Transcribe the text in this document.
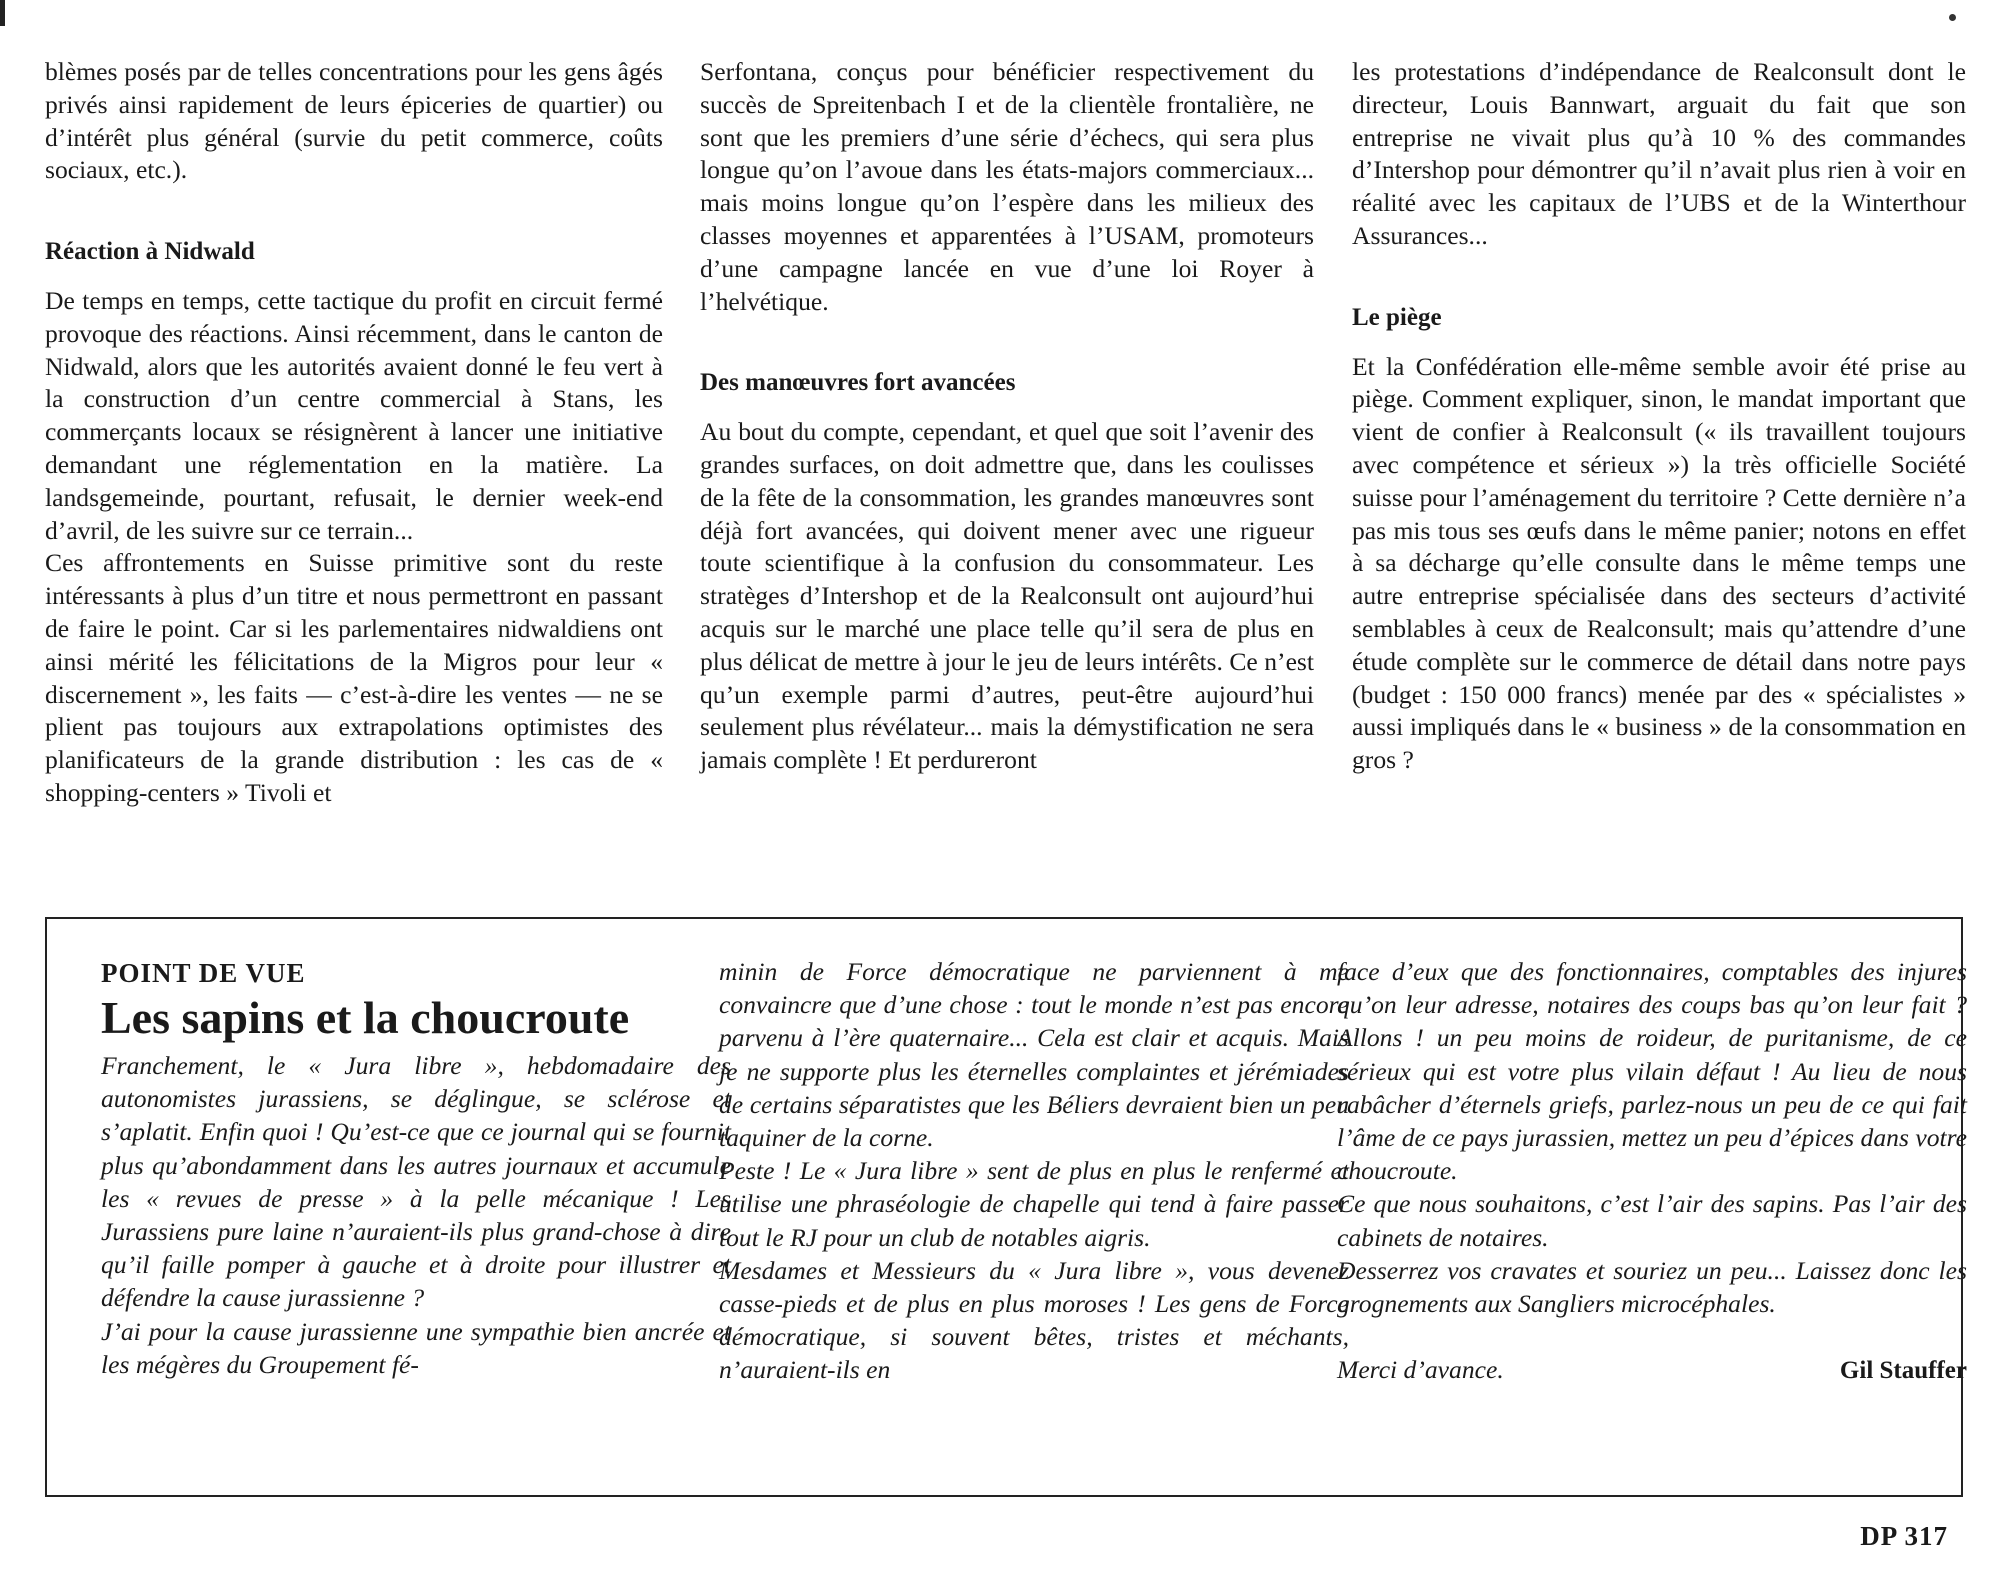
blèmes posés par de telles concentrations pour les gens âgés privés ainsi rapidement de leurs épiceries de quartier) ou d’intérêt plus général (survie du petit commerce, coûts sociaux, etc.).

Réaction à Nidwald

De temps en temps, cette tactique du profit en circuit fermé provoque des réactions. Ainsi récemment, dans le canton de Nidwald, alors que les autorités avaient donné le feu vert à la construction d’un centre commercial à Stans, les commerçants locaux se résignèrent à lancer une initiative demandant une réglementation en la matière. La landsgemeinde, pourtant, refusait, le dernier week-end d’avril, de les suivre sur ce terrain...

Ces affrontements en Suisse primitive sont du reste intéressants à plus d’un titre et nous permettront en passant de faire le point. Car si les parlementaires nidwaldiens ont ainsi mérité les félicitations de la Migros pour leur « discernement », les faits — c’est-à-dire les ventes — ne se plient pas toujours aux extrapolations optimistes des planificateurs de la grande distribution : les cas de « shopping-centers » Tivoli et

Serfontana, conçus pour bénéficier respectivement du succès de Spreitenbach I et de la clientèle frontalière, ne sont que les premiers d’une série d’échecs, qui sera plus longue qu’on l’avoue dans les états-majors commerciaux... mais moins longue qu’on l’espère dans les milieux des classes moyennes et apparentées à l’USAM, promoteurs d’une campagne lancée en vue d’une loi Royer à l’helvétique.

Des manœuvres fort avancées

Au bout du compte, cependant, et quel que soit l’avenir des grandes surfaces, on doit admettre que, dans les coulisses de la fête de la consommation, les grandes manœuvres sont déjà fort avancées, qui doivent mener avec une rigueur toute scientifique à la confusion du consommateur. Les stratèges d’Intershop et de la Realconsult ont aujourd’hui acquis sur le marché une place telle qu’il sera de plus en plus délicat de mettre à jour le jeu de leurs intérêts. Ce n’est qu’un exemple parmi d’autres, peut-être aujourd’hui seulement plus révélateur... mais la démystification ne sera jamais complète ! Et perdureront

les protestations d’indépendance de Realconsult dont le directeur, Louis Bannwart, arguait du fait que son entreprise ne vivait plus qu’à 10 % des commandes d’Intershop pour démontrer qu’il n’avait plus rien à voir en réalité avec les capitaux de l’UBS et de la Winterthour Assurances...

Le piège

Et la Confédération elle-même semble avoir été prise au piège. Comment expliquer, sinon, le mandat important que vient de confier à Realconsult (« ils travaillent toujours avec compétence et sérieux ») la très officielle Société suisse pour l’aménagement du territoire ? Cette dernière n’a pas mis tous ses œufs dans le même panier; notons en effet à sa décharge qu’elle consulte dans le même temps une autre entreprise spécialisée dans des secteurs d’activité semblables à ceux de Realconsult; mais qu’attendre d’une étude complète sur le commerce de détail dans notre pays (budget : 150 000 francs) menée par des « spécialistes » aussi impliqués dans le « business » de la consommation en gros ?

POINT DE VUE
Les sapins et la choucroute

Franchement, le « Jura libre », hebdomadaire des autonomistes jurassiens, se déglingue, se sclérose et s’aplatit. Enfin quoi ! Qu’est-ce que ce journal qui se fournit plus qu’abondamment dans les autres journaux et accumule les « revues de presse » à la pelle mécanique ! Les Jurassiens pure laine n’auraient-ils plus grand-chose à dire qu’il faille pomper à gauche et à droite pour illustrer et défendre la cause jurassienne ?

J’ai pour la cause jurassienne une sympathie bien ancrée et les mégères du Groupement fé-

minin de Force démocratique ne parviennent à me convaincre que d’une chose : tout le monde n’est pas encore parvenu à l’ère quaternaire... Cela est clair et acquis. Mais je ne supporte plus les éternelles complaintes et jérémiades de certains séparatistes que les Béliers devraient bien un peu taquiner de la corne.

Peste ! Le « Jura libre » sent de plus en plus le renfermé et utilise une phraséologie de chapelle qui tend à faire passer tout le RJ pour un club de notables aigris.

Mesdames et Messieurs du « Jura libre », vous devenez casse-pieds et de plus en plus moroses ! Les gens de Force démocratique, si souvent bêtes, tristes et méchants, n’auraient-ils en

face d’eux que des fonctionnaires, comptables des injures qu’on leur adresse, notaires des coups bas qu’on leur fait ? Allons ! un peu moins de roideur, de puritanisme, de ce sérieux qui est votre plus vilain défaut ! Au lieu de nous rabâcher d’éternels griefs, parlez-nous un peu de ce qui fait l’âme de ce pays jurassien, mettez un peu d’épices dans votre choucroute.

Ce que nous souhaitons, c’est l’air des sapins. Pas l’air des cabinets de notaires.

Desserrez vos cravates et souriez un peu... Laissez donc les grognements aux Sangliers microcéphales.

Merci d’avance.	Gil Stauffer
DP 317
